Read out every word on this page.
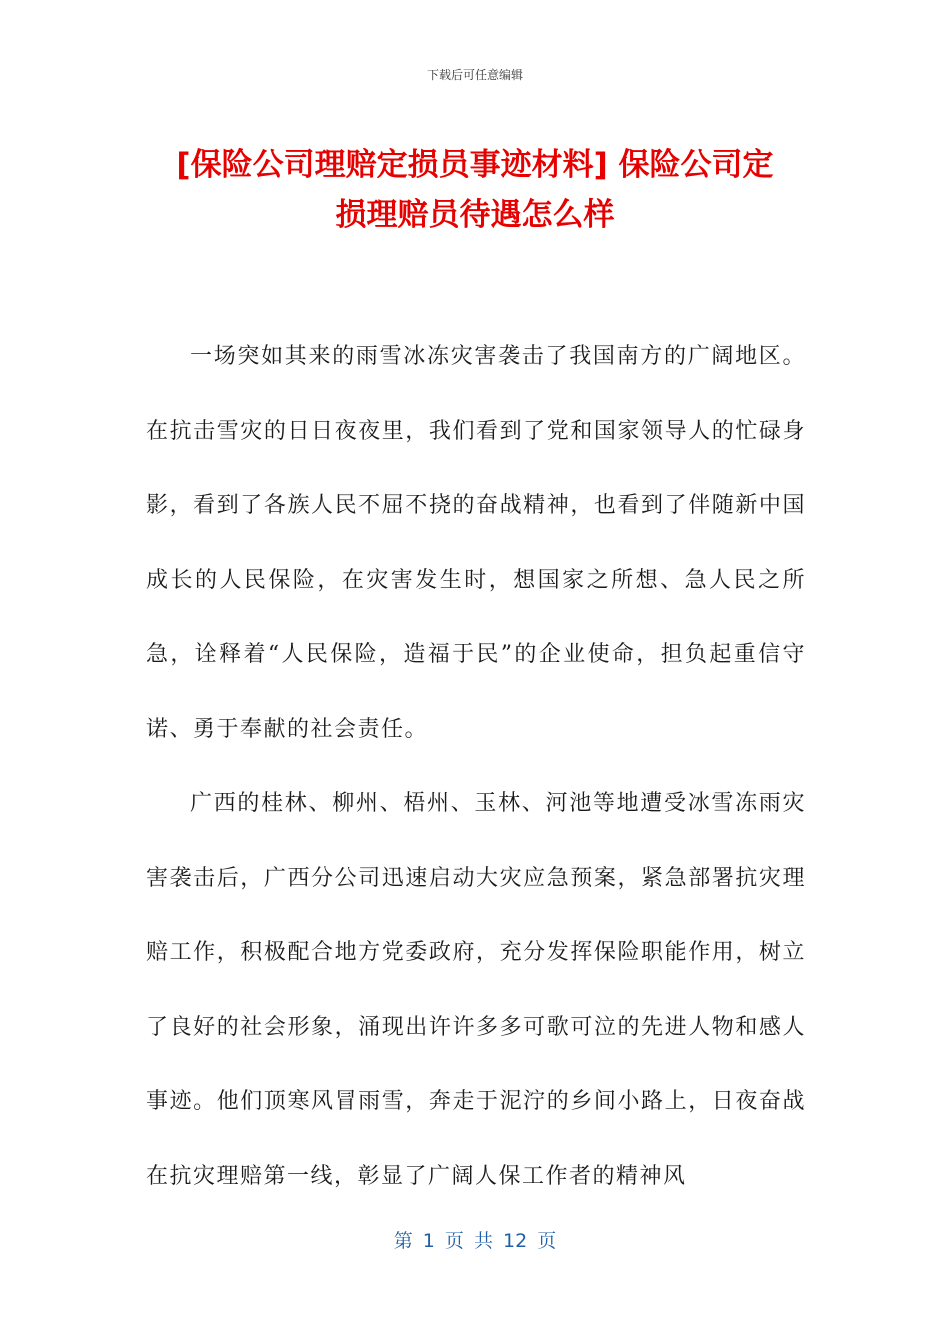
下载后可任意编辑
[保险公司理赔定损员事迹材料] 保险公司定
损理赔员待遇怎么样

一场突如其来的雨雪冰冻灾害袭击了我国南方的广阔地区。在抗击雪灾的日日夜夜里，我们看到了党和国家领导人的忙碌身影，看到了各族人民不屈不挠的奋战精神，也看到了伴随新中国成长的人民保险，在灾害发生时，想国家之所想、急人民之所急，诠释着“人民保险，造福于民”的企业使命，担负起重信守诺、勇于奉献的社会责任。

广西的桂林、柳州、梧州、玉林、河池等地遭受冰雪冻雨灾害袭击后，广西分公司迅速启动大灾应急预案，紧急部署抗灾理赔工作，积极配合地方党委政府，充分发挥保险职能作用，树立了良好的社会形象，涌现出许许多多可歌可泣的先进人物和感人事迹。他们顶寒风冒雨雪，奔走于泥泞的乡间小路上，日夜奋战在抗灾理赔第一线，彰显了广阔人保工作者的精神风

第 1 页 共 12 页
